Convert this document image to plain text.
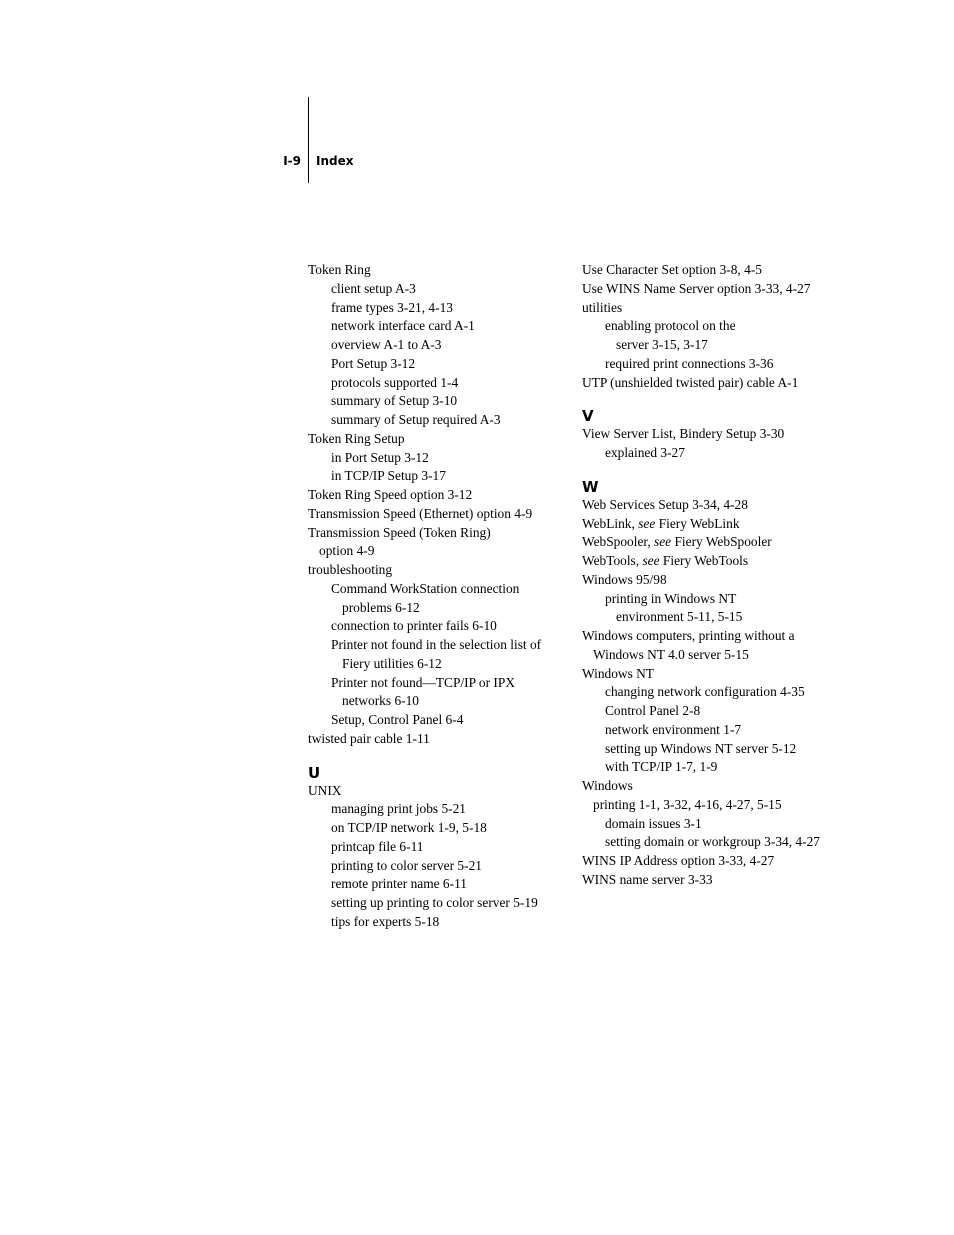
I-9 Index
Token Ring
client setup A-3
frame types 3-21, 4-13
network interface card A-1
overview A-1 to A-3
Port Setup 3-12
protocols supported 1-4
summary of Setup 3-10
summary of Setup required A-3
Token Ring Setup
in Port Setup 3-12
in TCP/IP Setup 3-17
Token Ring Speed option 3-12
Transmission Speed (Ethernet) option 4-9
Transmission Speed (Token Ring)
option 4-9
troubleshooting
Command WorkStation connection
problems 6-12
connection to printer fails 6-10
Printer not found in the selection list of
Fiery utilities 6-12
Printer not found—TCP/IP or IPX
networks 6-10
Setup, Control Panel 6-4
twisted pair cable 1-11
U
UNIX
managing print jobs 5-21
on TCP/IP network 1-9, 5-18
printcap file 6-11
printing to color server 5-21
remote printer name 6-11
setting up printing to color server 5-19
tips for experts 5-18
Use Character Set option 3-8, 4-5
Use WINS Name Server option 3-33, 4-27
utilities
enabling protocol on the
server 3-15, 3-17
required print connections 3-36
UTP (unshielded twisted pair) cable A-1
V
View Server List, Bindery Setup 3-30
explained 3-27
W
Web Services Setup 3-34, 4-28
WebLink, see Fiery WebLink
WebSpooler, see Fiery WebSpooler
WebTools, see Fiery WebTools
Windows 95/98
printing in Windows NT
environment 5-11, 5-15
Windows computers, printing without a
Windows NT 4.0 server 5-15
Windows NT
changing network configuration 4-35
Control Panel 2-8
network environment 1-7
setting up Windows NT server 5-12
with TCP/IP 1-7, 1-9
Windows
printing 1-1, 3-32, 4-16, 4-27, 5-15
domain issues 3-1
setting domain or workgroup 3-34, 4-27
WINS IP Address option 3-33, 4-27
WINS name server 3-33
